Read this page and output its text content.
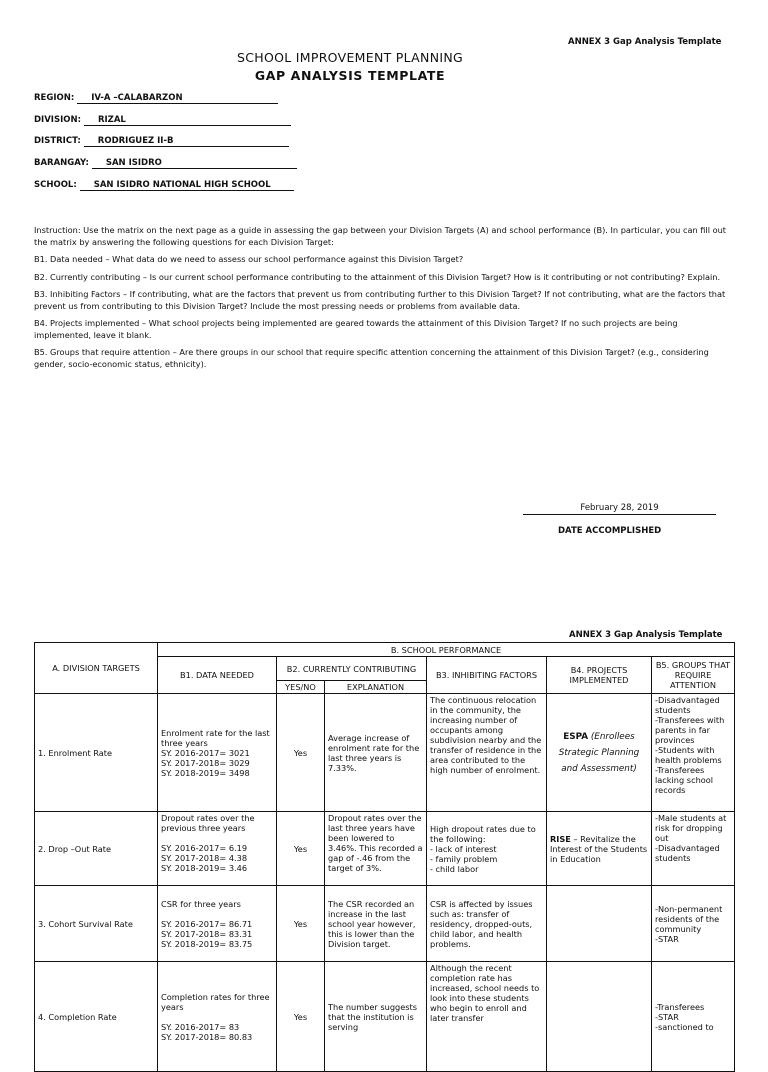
ANNEX 3 Gap Analysis Template
SCHOOL IMPROVEMENT PLANNING
GAP ANALYSIS TEMPLATE
REGION: IV-A –CALABARZON
DIVISION: RIZAL
DISTRICT: RODRIGUEZ II-B
BARANGAY: SAN ISIDRO
SCHOOL: SAN ISIDRO NATIONAL HIGH SCHOOL

Instruction: Use the matrix on the next page as a guide in assessing the gap between your Division Targets (A) and school performance (B). In particular, you can fill out the matrix by answering the following questions for each Division Target:

B1. Data needed – What data do we need to assess our school performance against this Division Target?

B2. Currently contributing – Is our current school performance contributing to the attainment of this Division Target? How is it contributing or not contributing? Explain.

B3. Inhibiting Factors – If contributing, what are the factors that prevent us from contributing further to this Division Target? If not contributing, what are the factors that prevent us from contributing to this Division Target? Include the most pressing needs or problems from available data.

B4. Projects implemented – What school projects being implemented are geared towards the attainment of this Division Target? If no such projects are being implemented, leave it blank.

B5. Groups that require attention – Are there groups in our school that require specific attention concerning the attainment of this Division Target? (e.g., considering gender, socio-economic status, ethnicity).

February 28, 2019
DATE ACCOMPLISHED
ANNEX 3 Gap Analysis Template
A. DIVISION TARGETS	B. SCHOOL PERFORMANCE					
	B1. DATA NEEDED	B2. CURRENTLY CONTRIBUTING		B3. INHIBITING FACTORS	B4. PROJECTS IMPLEMENTED	B5. GROUPS THAT REQUIRE ATTENTION
		YES/NO	EXPLANATION			
1. Enrolment Rate	Enrolment rate for the last three years
SY. 2016-2017= 3021
SY. 2017-2018= 3029
SY. 2018-2019= 3498	Yes	Average increase of enrolment rate for the last three years is 7.33%.	The continuous relocation in the community, the increasing number of occupants among subdivision nearby and the transfer of residence in the area contributed to the high number of enrolment.	ESPA (Enrollees Strategic Planning and Assessment)	-Disadvantaged students
-Transferees with parents in far provinces
-Students with health problems
-Transferees lacking school records
2. Drop –Out Rate	Dropout rates over the previous three years

SY. 2016-2017= 6.19
SY. 2017-2018= 4.38
SY. 2018-2019= 3.46	Yes	Dropout rates over the last three years have been lowered to 3.46%. This recorded a gap of -.46 from the target of 3%.	High dropout rates due to the following:
- lack of interest
- family problem
- child labor	RISE – Revitalize the Interest of the Students in Education	-Male students at risk for dropping out
-Disadvantaged students
3. Cohort Survival Rate	CSR for three years

SY. 2016-2017= 86.71
SY. 2017-2018= 83.31
SY. 2018-2019= 83.75	Yes	The CSR recorded an increase in the last school year however, this is lower than the Division target.	CSR is affected by issues such as: transfer of residency, dropped-outs, child labor, and health problems.		-Non-permanent residents of the community
-STAR
4. Completion Rate	Completion rates for three years

SY. 2016-2017= 83
SY. 2017-2018= 80.83	Yes	The number suggests that the institution is serving	Although the recent completion rate has increased, school needs to look into these students who begin to enroll and later transfer		-Transferees
-STAR
-sanctioned to
